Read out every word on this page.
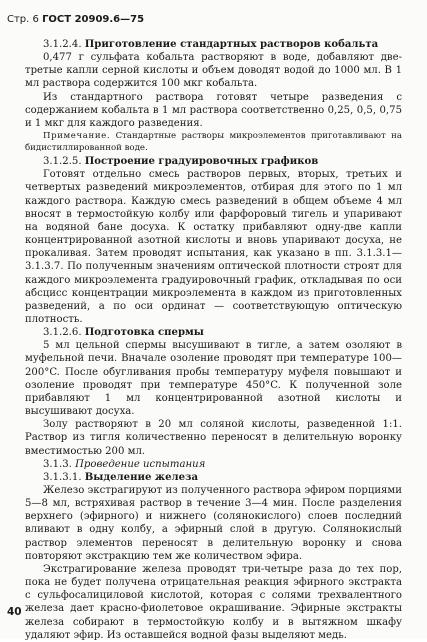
Стр. 6 ГОСТ 20909.6—75

3.1.2.4. Приготовление стандартных растворов кобальта

0,477 г сульфата кобальта растворяют в воде, добавляют две-третые капли серной кислоты и объем доводят водой до 1000 мл. В 1 мл раствора содержится 100 мкг кобальта.

Из стандартного раствора готовят четыре разведения с содержанием кобальта в 1 мл раствора соответственно 0,25, 0,5, 0,75 и 1 мкг для каждого разведения.

Примечание. Стандартные растворы микроэлементов приготавливают на бидистиллированной воде.

3.1.2.5. Построение градуировочных графиков

Готовят отдельно смесь растворов первых, вторых, третьих и четвертых разведений микроэлементов, отбирая для этого по 1 мл каждого раствора. Каждую смесь разведений в общем объеме 4 мл вносят в термостойкую колбу или фарфоровый тигель и упаривают на водяной бане досуха. К остатку прибавляют одну-две капли концентрированной азотной кислоты и вновь упаривают досуха, не прокаливая. Затем проводят испытания, как указано в пп. 3.1.3.1—3.1.3.7. По полученным значениям оптической плотности строят для каждого микроэлемента градуировочный график, откладывая по оси абсцисс концентрации микроэлемента в каждом из приготовленных разведений, а по оси ординат — соответствующую оптическую плотность.

3.1.2.6. Подготовка спермы

5 мл цельной спермы высушивают в тигле, а затем озоляют в муфельной печи. Вначале озоление проводят при температуре 100—200°C. После обугливания пробы температуру муфеля повышают и озоление проводят при температуре 450°C. К полученной золе прибавляют 1 мл концентрированной азотной кислоты и высушивают досуха.

Золу растворяют в 20 мл соляной кислоты, разведенной 1:1. Раствор из тигля количественно переносят в делительную воронку вместимостью 200 мл.

3.1.3. Проведение испытания

3.1.3.1. Выделение железа

Железо экстрагируют из полученного раствора эфиром порциями 5—8 мл, встряхивая раствор в течение 3—4 мин. После разделения верхнего (эфирного) и нижнего (солянокислого) слоев последний вливают в одну колбу, а эфирный слой в другую. Солянокислый раствор элементов переносят в делительную воронку и снова повторяют экстракцию тем же количеством эфира.

Экстрагирование железа проводят три-четыре раза до тех пор, пока не будет получена отрицательная реакция эфирного экстракта с сульфосалициловой кислотой, которая с солями трехвалентного железа дает красно-фиолетовое окрашивание. Эфирные экстракты железа собирают в термостойкую колбу и в вытяжном шкафу удаляют эфир. Из оставшейся водной фазы выделяют медь.

40
